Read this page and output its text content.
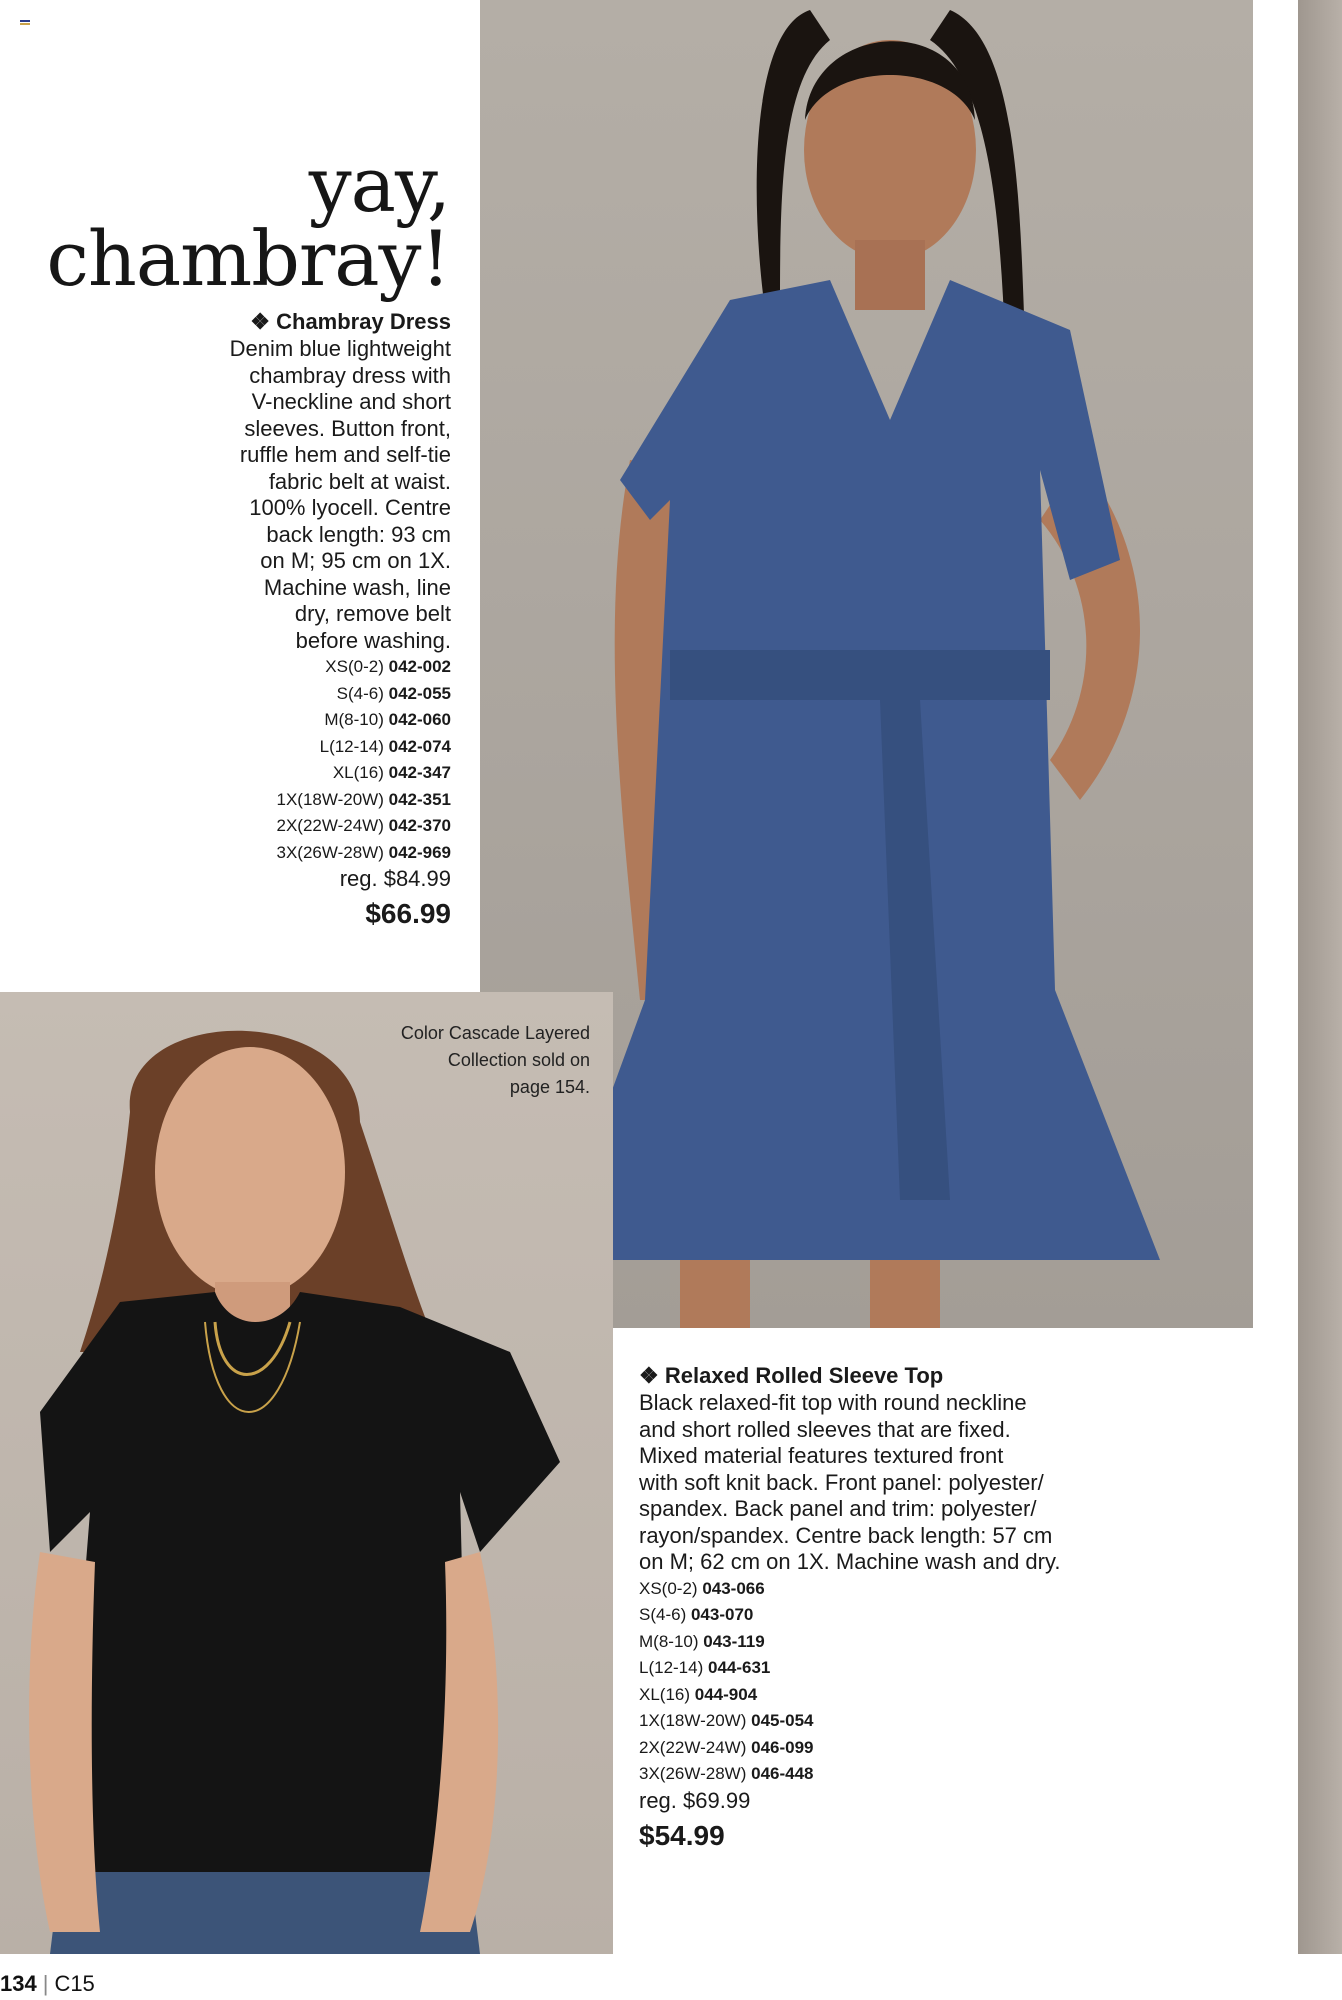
yay,
chambray!
❖ Chambray Dress
Denim blue lightweight
chambray dress with
V-neckline and short
sleeves. Button front,
ruffle hem and self-tie
fabric belt at waist.
100% lyocell. Centre
back length: 93 cm
on M; 95 cm on 1X.
Machine wash, line
dry, remove belt
before washing.
XS(0-2) 042-002
S(4-6) 042-055
M(8-10) 042-060
L(12-14) 042-074
XL(16) 042-347
1X(18W-20W) 042-351
2X(22W-24W) 042-370
3X(26W-28W) 042-969
reg. $84.99
$66.99
Color Cascade Layered
Collection sold on
page 154.
❖ Relaxed Rolled Sleeve Top
Black relaxed-fit top with round neckline
and short rolled sleeves that are fixed.
Mixed material features textured front
with soft knit back. Front panel: polyester/
spandex. Back panel and trim: polyester/
rayon/spandex. Centre back length: 57 cm
on M; 62 cm on 1X. Machine wash and dry.
XS(0-2) 043-066
S(4-6) 043-070
M(8-10) 043-119
L(12-14) 044-631
XL(16) 044-904
1X(18W-20W) 045-054
2X(22W-24W) 046-099
3X(26W-28W) 046-448
reg. $69.99
$54.99
134 | C15
